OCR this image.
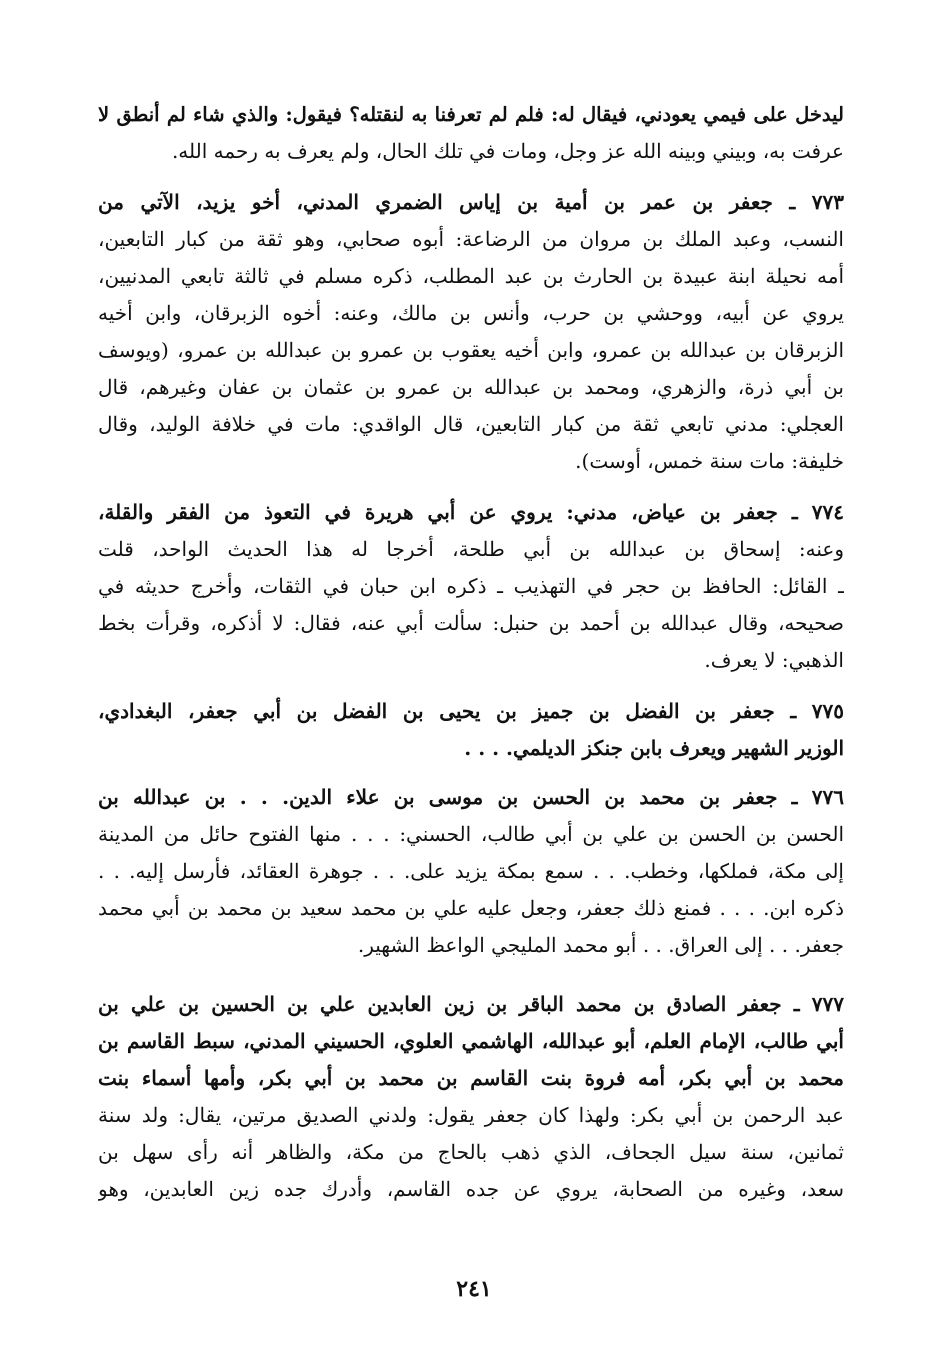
ليدخل على فيمي يعودني، فيقال له: فلم لم تعرفنا به لنقتله؟ فيقول: والذي شاء لم أنطق لا
عرفت به، وبيني وبينه الله عز وجل، ومات في تلك الحال، ولم يعرف به رحمه الله.
٧٧٣ ـ جعفر بن عمر بن أمية بن إياس الضمري المدني، أخو يزيد، الآتي من
النسب، وعبد الملك بن مروان من الرضاعة: أبوه صحابي، وهو ثقة من كبار التابعين،
أمه نحيلة ابنة عبيدة بن الحارث بن عبد المطلب، ذكره مسلم في ثالثة تابعي المدنيين،
يروي عن أبيه، ووحشي بن حرب، وأنس بن مالك، وعنه: أخوه الزبرقان، وابن أخيه
الزبرقان بن عبدالله بن عمرو، وابن أخيه يعقوب بن عمرو بن عبدالله بن عمرو، (ويوسف
بن أبي ذرة، والزهري، ومحمد بن عبدالله بن عمرو بن عثمان بن عفان وغيرهم، قال
العجلي: مدني تابعي ثقة من كبار التابعين، قال الواقدي: مات في خلافة الوليد، وقال
خليفة: مات سنة خمس، أوست).
٧٧٤ ـ جعفر بن عياض، مدني: يروي عن أبي هريرة في التعوذ من الفقر والقلة،
وعنه: إسحاق بن عبدالله بن أبي طلحة، أخرجا له هذا الحديث الواحد، قلت
ـ القائل: الحافظ بن حجر في التهذيب ـ ذكره ابن حبان في الثقات، وأخرج حديثه في
صحيحه، وقال عبدالله بن أحمد بن حنبل: سألت أبي عنه، فقال: لا أذكره، وقرأت بخط
الذهبي: لا يعرف.
٧٧٥ ـ جعفر بن الفضل بن جميز بن يحيى بن الفضل بن أبي جعفر، البغدادي،
الوزير الشهير ويعرف بابن جنكز الديلمي. . . .
٧٧٦ ـ جعفر بن محمد بن الحسن بن موسى بن علاء الدين. . . بن عبدالله بن
الحسن بن الحسن بن علي بن أبي طالب، الحسني: . . . منها الفتوح حائل من المدينة
إلى مكة، فملكها، وخطب. . . سمع بمكة يزيد على. . . جوهرة العقائد، فأرسل إليه. . .
ذكره ابن. . . . فمنع ذلك جعفر، وجعل عليه علي بن محمد سعيد بن محمد بن أبي محمد
جعفر. . . إلى العراق. . . أبو محمد المليجي الواعظ الشهير.
٧٧٧ ـ جعفر الصادق بن محمد الباقر بن زين العابدين علي بن الحسين بن علي بن
أبي طالب، الإمام العلم، أبو عبدالله، الهاشمي العلوي، الحسيني المدني، سبط القاسم بن
محمد بن أبي بكر، أمه فروة بنت القاسم بن محمد بن أبي بكر، وأمها أسماء بنت
عبد الرحمن بن أبي بكر: ولهذا كان جعفر يقول: ولدني الصديق مرتين، يقال: ولد سنة
ثمانين، سنة سيل الجحاف، الذي ذهب بالحاج من مكة، والظاهر أنه رأى سهل بن
سعد، وغيره من الصحابة، يروي عن جده القاسم، وأدرك جده زين العابدين، وهو
٢٤١
